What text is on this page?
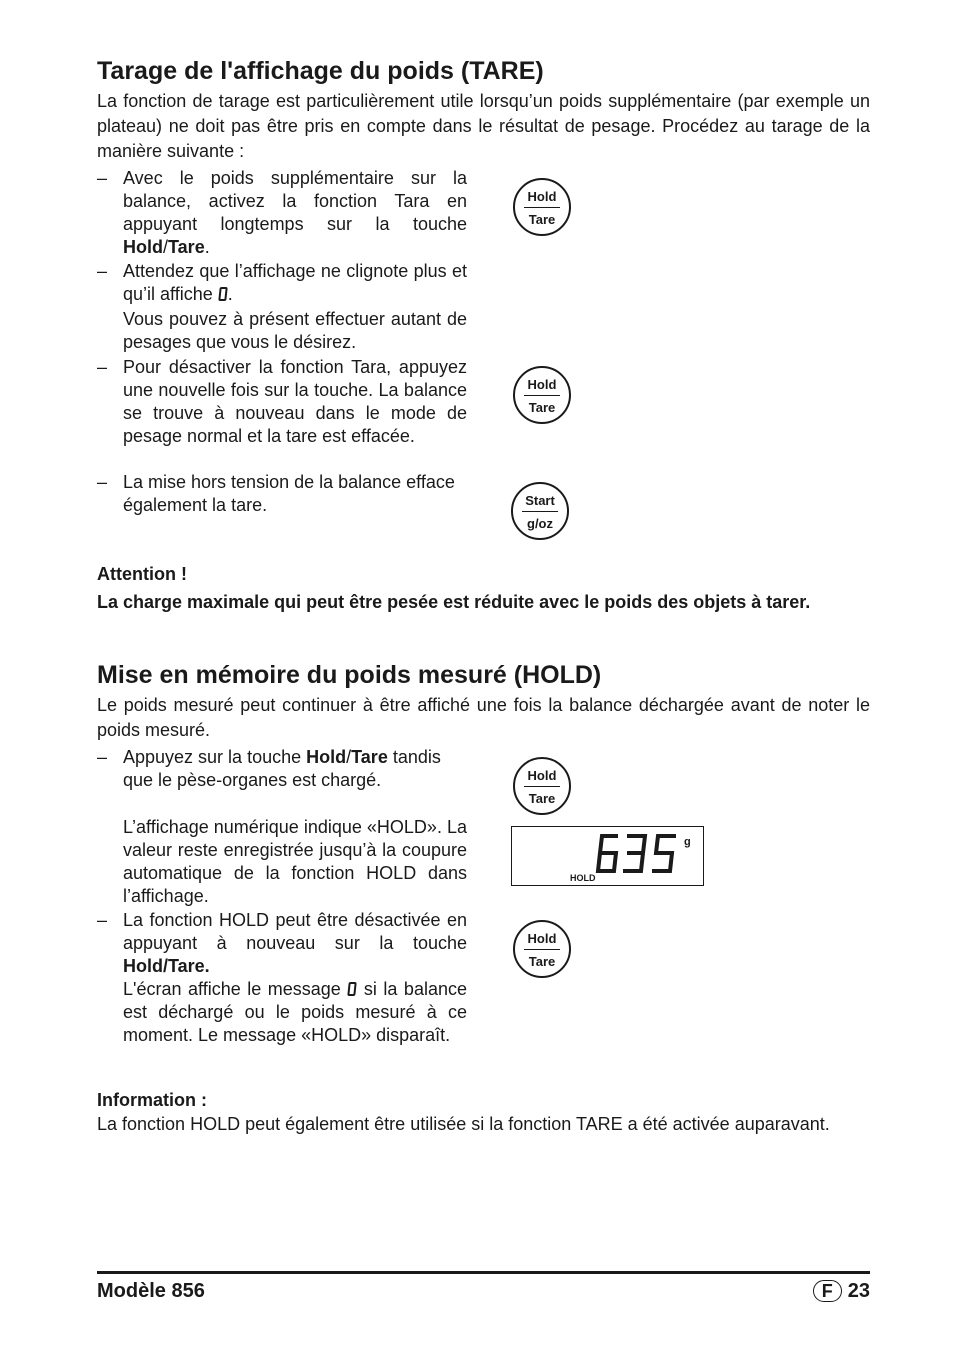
Tarage de l'affichage du poids (TARE)
La fonction de tarage est particulièrement utile lorsqu’un poids supplémentaire (par exemple un plateau) ne doit pas être pris en compte dans le résultat de pesage. Procédez au tarage de la manière suivante :
– Avec le poids supplémentaire sur la balance, activez la fonction Tara en appuyant longtemps sur la touche Hold/Tare.
– Attendez que l’affichage ne clignote plus et qu’il affiche .

Vous pouvez à présent effectuer autant de pesages que vous le désirez.

– Pour désactiver la fonction Tara, appuyez une nouvelle fois sur la touche. La balance se trouve à nouveau dans le mode de pesage normal et la tare est effacée.
– La mise hors tension de la balance efface également la tare.
Hold
Tare
Hold
Tare
Start
g/oz
Attention !
La charge maximale qui peut être pesée est réduite avec le poids des objets à tarer.
Mise en mémoire du poids mesuré (HOLD)
Le poids mesuré peut continuer à être affiché une fois la balance déchargée avant de noter le poids mesuré.
– Appuyez sur la touche Hold/Tare tandis que le pèse-organes est chargé.

L’affichage numérique indique «HOLD». La valeur reste enregistrée jusqu’à la coupure automatique de la fonction HOLD dans l’affichage.

– La fonction HOLD peut être désactivée en appuyant à nouveau sur la touche Hold/Tare.

L'écran affiche le message  si la balance est déchargé ou le poids mesuré à ce moment. Le message «HOLD» disparaît.

Hold
Tare
g
HOLD
Hold
Tare
Information :
La fonction HOLD peut également être utilisée si la fonction TARE a été activée auparavant.
Modèle 856	F 23
